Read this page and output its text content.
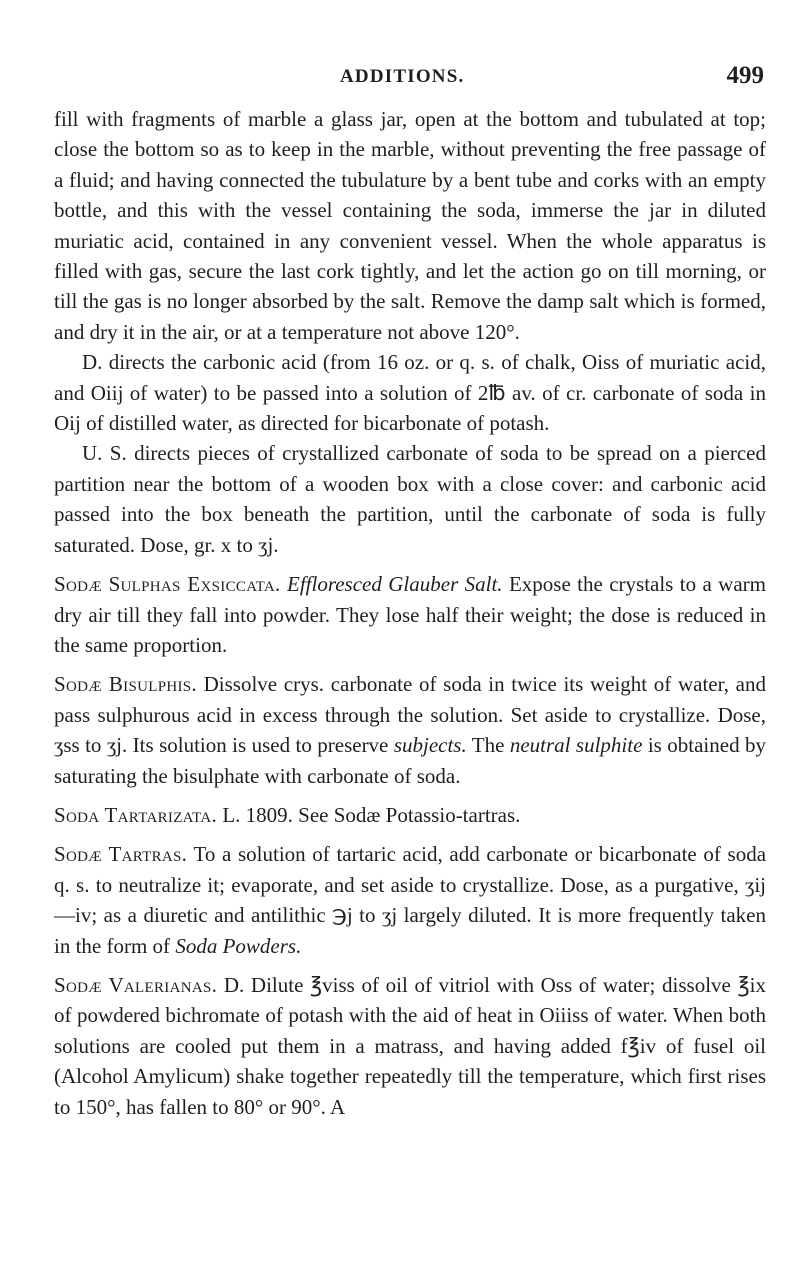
ADDITIONS.	499

fill with fragments of marble a glass jar, open at the bottom and tubulated at top; close the bottom so as to keep in the marble, without preventing the free passage of a fluid; and having connected the tubulature by a bent tube and corks with an empty bottle, and this with the vessel containing the soda, immerse the jar in diluted muriatic acid, contained in any convenient vessel. When the whole apparatus is filled with gas, secure the last cork tightly, and let the action go on till morning, or till the gas is no longer absorbed by the salt. Remove the damp salt which is formed, and dry it in the air, or at a temperature not above 120°.

D. directs the carbonic acid (from 16 oz. or q. s. of chalk, Oiss of muriatic acid, and Oiij of water) to be passed into a solution of 2℔ av. of cr. carbonate of soda in Oij of distilled water, as directed for bicarbonate of potash.

U. S. directs pieces of crystallized carbonate of soda to be spread on a pierced partition near the bottom of a wooden box with a close cover: and carbonic acid passed into the box beneath the partition, until the carbonate of soda is fully saturated. Dose, gr. x to ʒj.

Sodæ Sulphas Exsiccata. Effloresced Glauber Salt. Expose the crystals to a warm dry air till they fall into powder. They lose half their weight; the dose is reduced in the same proportion.

Sodæ Bisulphis. Dissolve crys. carbonate of soda in twice its weight of water, and pass sulphurous acid in excess through the solution. Set aside to crystallize. Dose, ʒss to ʒj. Its solution is used to preserve subjects. The neutral sulphite is obtained by saturating the bisulphate with carbonate of soda.

Soda Tartarizata. L. 1809. See Sodæ Potassio-tartras.

Sodæ Tartras. To a solution of tartaric acid, add carbonate or bicarbonate of soda q. s. to neutralize it; evaporate, and set aside to crystallize. Dose, as a purgative, ʒij—iv; as a diuretic and antilithic ℈j to ʒj largely diluted. It is more frequently taken in the form of Soda Powders.

Sodæ Valerianas. D. Dilute ℥viss of oil of vitriol with Oss of water; dissolve ℥ix of powdered bichromate of potash with the aid of heat in Oiiiss of water. When both solutions are cooled put them in a matrass, and having added f℥iv of fusel oil (Alcohol Amylicum) shake together repeatedly till the temperature, which first rises to 150°, has fallen to 80° or 90°. A
